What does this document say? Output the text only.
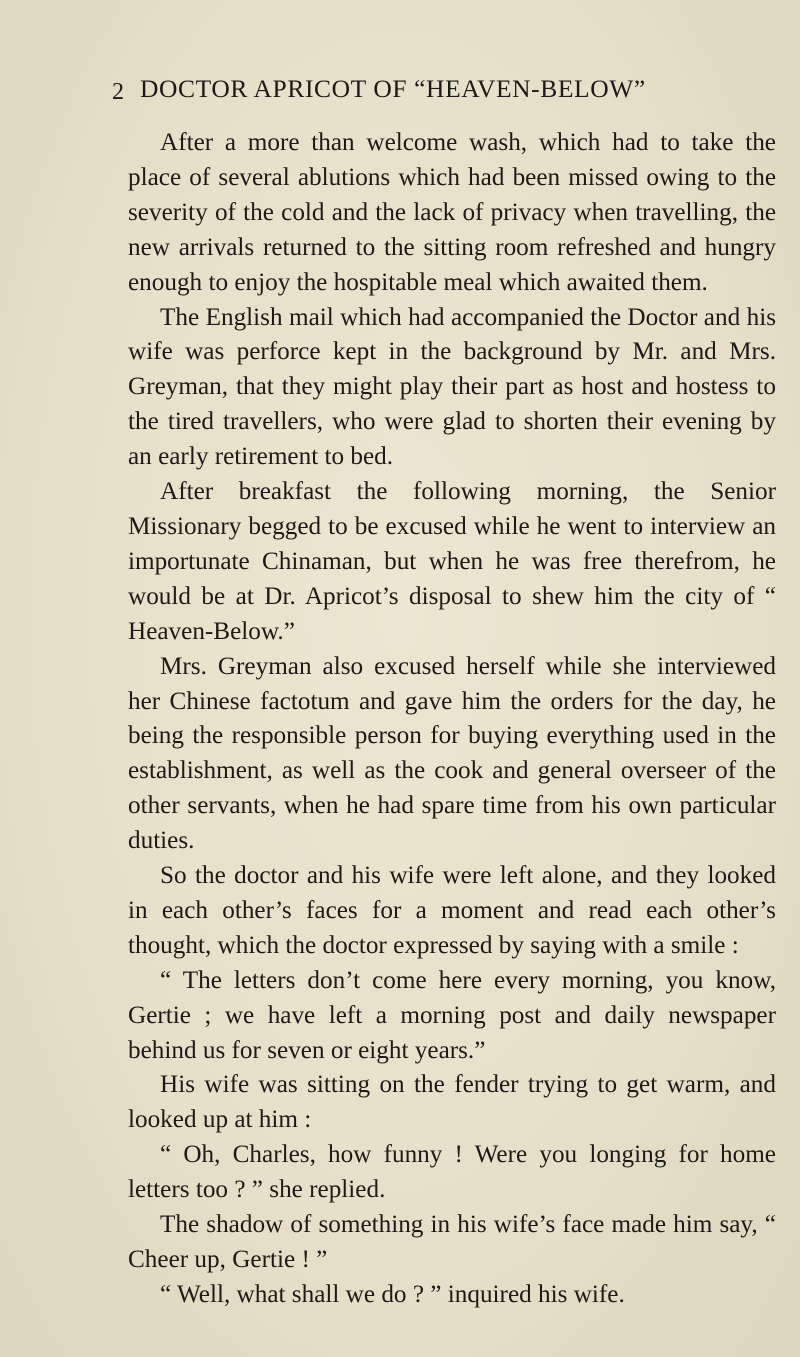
2 DOCTOR APRICOT OF “HEAVEN-BELOW”

After a more than welcome wash, which had to take the place of several ablutions which had been missed owing to the severity of the cold and the lack of privacy when travelling, the new arrivals returned to the sitting room refreshed and hungry enough to enjoy the hospitable meal which awaited them.

The English mail which had accompanied the Doctor and his wife was perforce kept in the background by Mr. and Mrs. Greyman, that they might play their part as host and hostess to the tired travellers, who were glad to shorten their evening by an early retirement to bed.

After breakfast the following morning, the Senior Missionary begged to be excused while he went to interview an importunate Chinaman, but when he was free therefrom, he would be at Dr. Apricot’s disposal to shew him the city of “ Heaven-Below.”

Mrs. Greyman also excused herself while she interviewed her Chinese factotum and gave him the orders for the day, he being the responsible person for buying everything used in the establishment, as well as the cook and general overseer of the other servants, when he had spare time from his own particular duties.

So the doctor and his wife were left alone, and they looked in each other’s faces for a moment and read each other’s thought, which the doctor expressed by saying with a smile :

“ The letters don’t come here every morning, you know, Gertie ; we have left a morning post and daily newspaper behind us for seven or eight years.”

His wife was sitting on the fender trying to get warm, and looked up at him :

“ Oh, Charles, how funny ! Were you longing for home letters too ? ” she replied.

The shadow of something in his wife’s face made him say, “ Cheer up, Gertie ! ”

“ Well, what shall we do ? ” inquired his wife.
